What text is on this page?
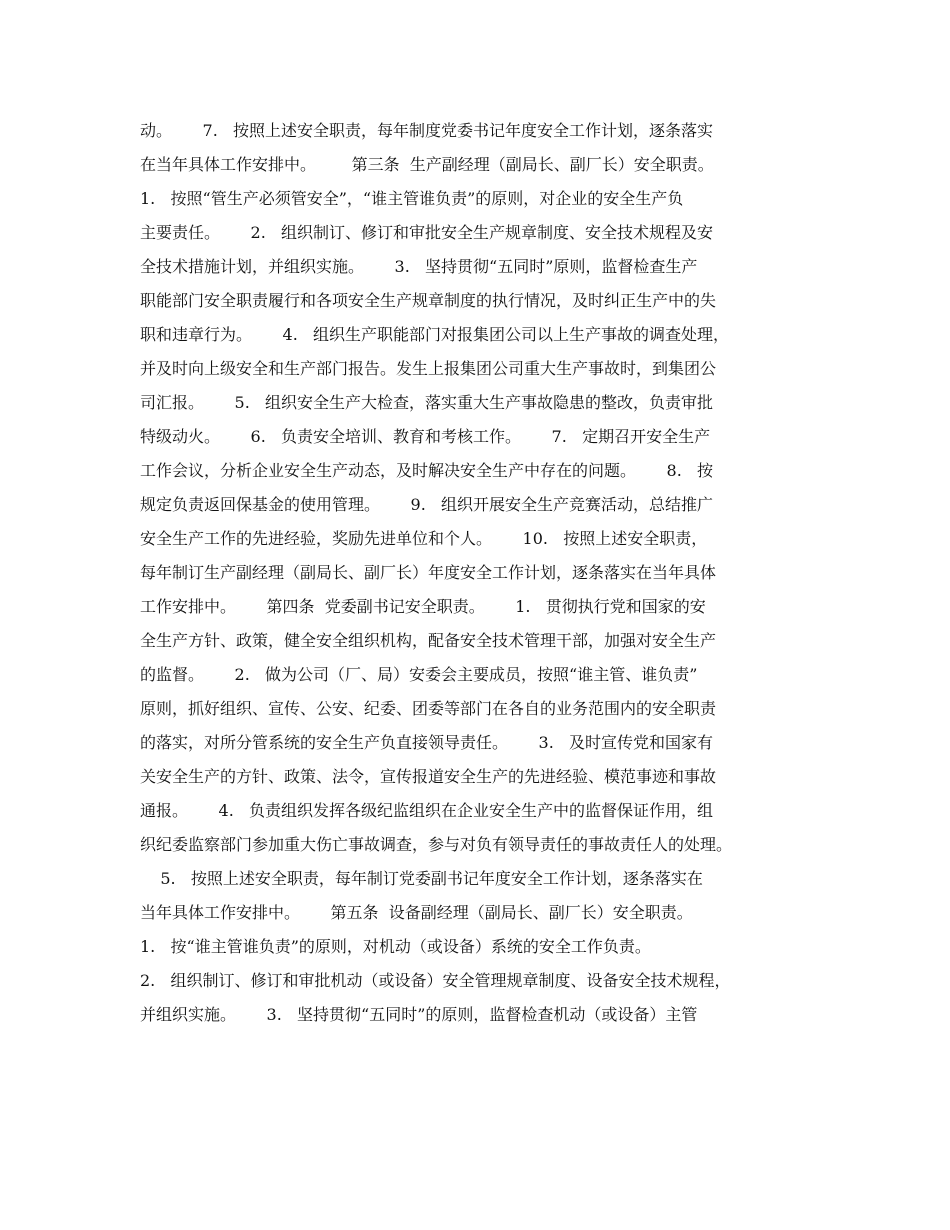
动。      7.   按照上述安全职责，每年制度党委书记年度安全工作计划，逐条落实
在当年具体工作安排中。       第三条  生产副经理（副局长、副厂长）安全职责。
1.   按照“管生产必须管安全”，“谁主管谁负责”的原则，对企业的安全生产负
主要责任。      2.   组织制订、修订和审批安全生产规章制度、安全技术规程及安
全技术措施计划，并组织实施。      3.   坚持贯彻“五同时”原则，监督检查生产
职能部门安全职责履行和各项安全生产规章制度的执行情况，及时纠正生产中的失
职和违章行为。      4.   组织生产职能部门对报集团公司以上生产事故的调查处理，
并及时向上级安全和生产部门报告。发生上报集团公司重大生产事故时，到集团公
司汇报。      5.   组织安全生产大检查，落实重大生产事故隐患的整改，负责审批
特级动火。      6.   负责安全培训、教育和考核工作。      7.   定期召开安全生产
工作会议，分析企业安全生产动态，及时解决安全生产中存在的问题。      8.   按
规定负责返回保基金的使用管理。      9.   组织开展安全生产竞赛活动，总结推广
安全生产工作的先进经验，奖励先进单位和个人。      10.   按照上述安全职责，
每年制订生产副经理（副局长、副厂长）年度安全工作计划，逐条落实在当年具体
工作安排中。      第四条  党委副书记安全职责。      1.   贯彻执行党和国家的安
全生产方针、政策，健全安全组织机构，配备安全技术管理干部，加强对安全生产
的监督。      2.   做为公司（厂、局）安委会主要成员，按照“谁主管、谁负责”
原则，抓好组织、宣传、公安、纪委、团委等部门在各自的业务范围内的安全职责
的落实，对所分管系统的安全生产负直接领导责任。      3.   及时宣传党和国家有
关安全生产的方针、政策、法令，宣传报道安全生产的先进经验、模范事迹和事故
通报。      4.   负责组织发挥各级纪监组织在企业安全生产中的监督保证作用，组
织纪委监察部门参加重大伤亡事故调查，参与对负有领导责任的事故责任人的处理。
5.   按照上述安全职责，每年制订党委副书记年度安全工作计划，逐条落实在
当年具体工作安排中。      第五条  设备副经理（副局长、副厂长）安全职责。
1.   按“谁主管谁负责”的原则，对机动（或设备）系统的安全工作负责。
2.   组织制订、修订和审批机动（或设备）安全管理规章制度、设备安全技术规程，
并组织实施。      3.   坚持贯彻“五同时”的原则，监督检查机动（或设备）主管
